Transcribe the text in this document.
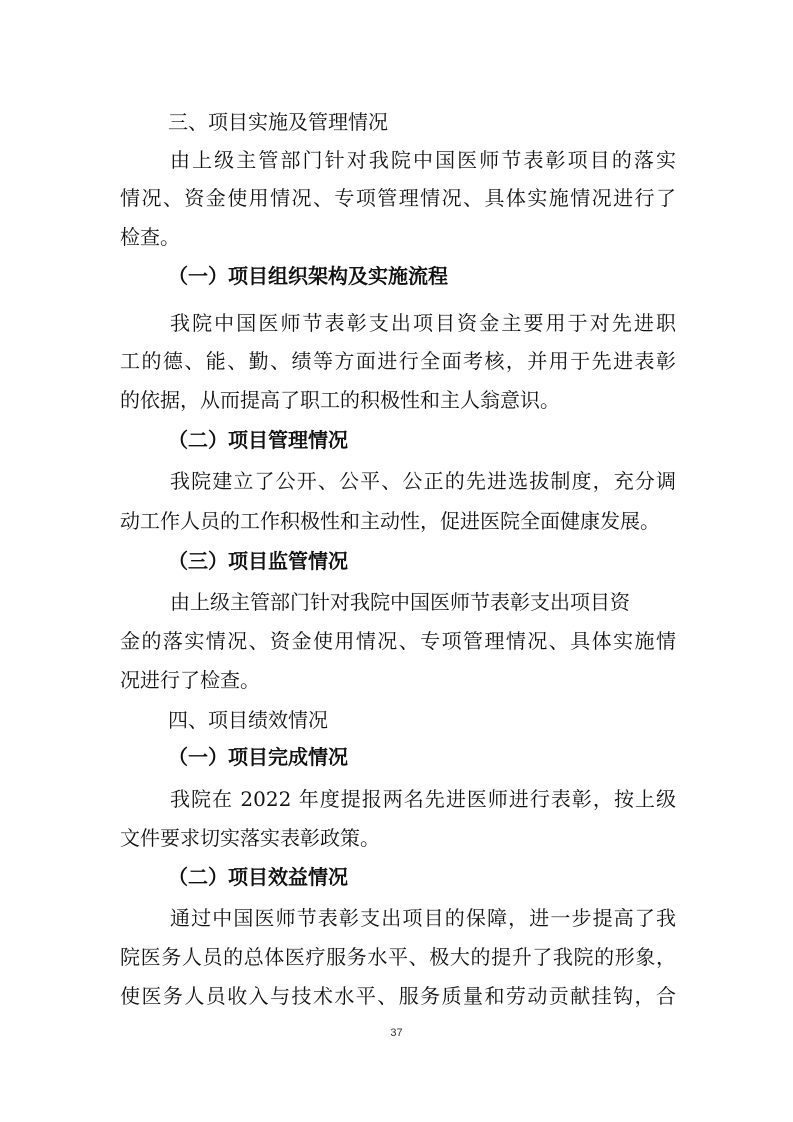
三、项目实施及管理情况
由上级主管部门针对我院中国医师节表彰项目的落实
情况、资金使用情况、专项管理情况、具体实施情况进行了
检查。
（一）项目组织架构及实施流程
我院中国医师节表彰支出项目资金主要用于对先进职
工的德、能、勤、绩等方面进行全面考核，并用于先进表彰
的依据，从而提高了职工的积极性和主人翁意识。
（二）项目管理情况
我院建立了公开、公平、公正的先进选拔制度，充分调
动工作人员的工作积极性和主动性，促进医院全面健康发展。
（三）项目监管情况
由上级主管部门针对我院中国医师节表彰支出项目资
金的落实情况、资金使用情况、专项管理情况、具体实施情
况进行了检查。
四、项目绩效情况
（一）项目完成情况
我院在 2022 年度提报两名先进医师进行表彰，按上级
文件要求切实落实表彰政策。
（二）项目效益情况
通过中国医师节表彰支出项目的保障，进一步提高了我
院医务人员的总体医疗服务水平、极大的提升了我院的形象，
使医务人员收入与技术水平、服务质量和劳动贡献挂钩，合
37
